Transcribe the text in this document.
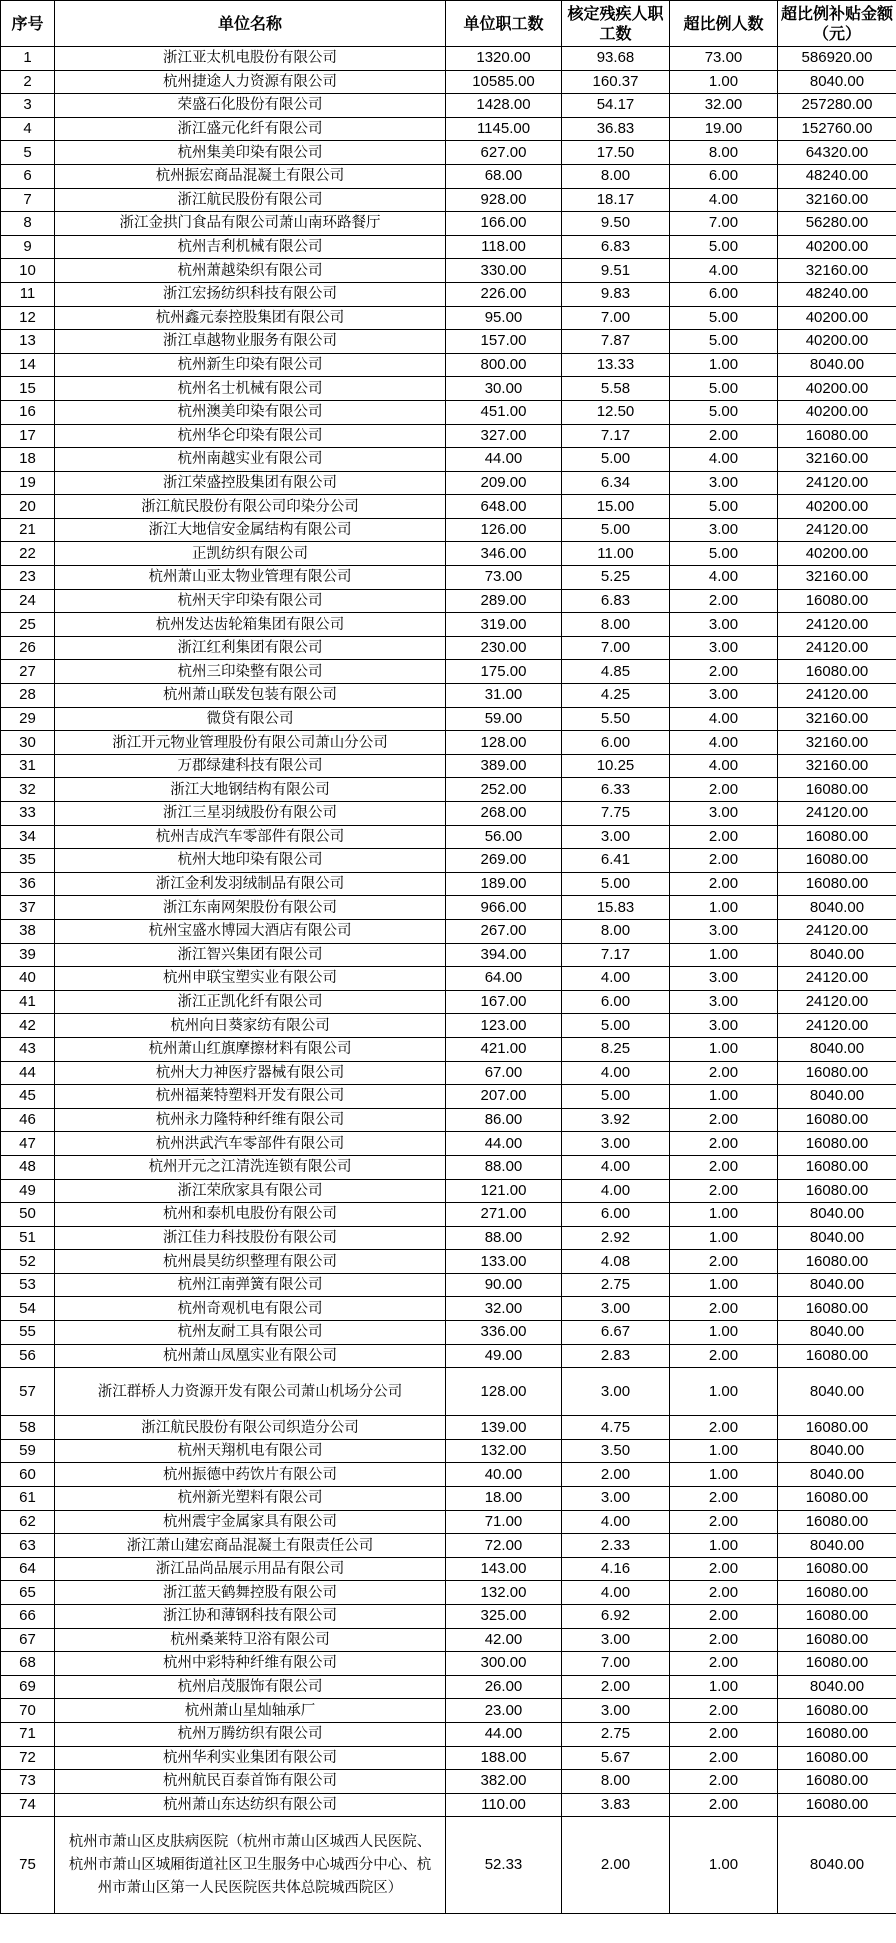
序号	单位名称	单位职工数	核定残疾人职工数	超比例人数	超比例补贴金额（元）
1	浙江亚太机电股份有限公司	1320.00	93.68	73.00	586920.00
2	杭州捷途人力资源有限公司	10585.00	160.37	1.00	8040.00
3	荣盛石化股份有限公司	1428.00	54.17	32.00	257280.00
4	浙江盛元化纤有限公司	1145.00	36.83	19.00	152760.00
5	杭州集美印染有限公司	627.00	17.50	8.00	64320.00
6	杭州振宏商品混凝土有限公司	68.00	8.00	6.00	48240.00
7	浙江航民股份有限公司	928.00	18.17	4.00	32160.00
8	浙江金拱门食品有限公司萧山南环路餐厅	166.00	9.50	7.00	56280.00
9	杭州吉利机械有限公司	118.00	6.83	5.00	40200.00
10	杭州萧越染织有限公司	330.00	9.51	4.00	32160.00
11	浙江宏扬纺织科技有限公司	226.00	9.83	6.00	48240.00
12	杭州鑫元泰控股集团有限公司	95.00	7.00	5.00	40200.00
13	浙江卓越物业服务有限公司	157.00	7.87	5.00	40200.00
14	杭州新生印染有限公司	800.00	13.33	1.00	8040.00
15	杭州名士机械有限公司	30.00	5.58	5.00	40200.00
16	杭州澳美印染有限公司	451.00	12.50	5.00	40200.00
17	杭州华仑印染有限公司	327.00	7.17	2.00	16080.00
18	杭州南越实业有限公司	44.00	5.00	4.00	32160.00
19	浙江荣盛控股集团有限公司	209.00	6.34	3.00	24120.00
20	浙江航民股份有限公司印染分公司	648.00	15.00	5.00	40200.00
21	浙江大地信安金属结构有限公司	126.00	5.00	3.00	24120.00
22	正凯纺织有限公司	346.00	11.00	5.00	40200.00
23	杭州萧山亚太物业管理有限公司	73.00	5.25	4.00	32160.00
24	杭州天宇印染有限公司	289.00	6.83	2.00	16080.00
25	杭州发达齿轮箱集团有限公司	319.00	8.00	3.00	24120.00
26	浙江红利集团有限公司	230.00	7.00	3.00	24120.00
27	杭州三印染整有限公司	175.00	4.85	2.00	16080.00
28	杭州萧山联发包装有限公司	31.00	4.25	3.00	24120.00
29	微贷有限公司	59.00	5.50	4.00	32160.00
30	浙江开元物业管理股份有限公司萧山分公司	128.00	6.00	4.00	32160.00
31	万郡绿建科技有限公司	389.00	10.25	4.00	32160.00
32	浙江大地钢结构有限公司	252.00	6.33	2.00	16080.00
33	浙江三星羽绒股份有限公司	268.00	7.75	3.00	24120.00
34	杭州吉成汽车零部件有限公司	56.00	3.00	2.00	16080.00
35	杭州大地印染有限公司	269.00	6.41	2.00	16080.00
36	浙江金利发羽绒制品有限公司	189.00	5.00	2.00	16080.00
37	浙江东南网架股份有限公司	966.00	15.83	1.00	8040.00
38	杭州宝盛水博园大酒店有限公司	267.00	8.00	3.00	24120.00
39	浙江智兴集团有限公司	394.00	7.17	1.00	8040.00
40	杭州申联宝塑实业有限公司	64.00	4.00	3.00	24120.00
41	浙江正凯化纤有限公司	167.00	6.00	3.00	24120.00
42	杭州向日葵家纺有限公司	123.00	5.00	3.00	24120.00
43	杭州萧山红旗摩擦材料有限公司	421.00	8.25	1.00	8040.00
44	杭州大力神医疗器械有限公司	67.00	4.00	2.00	16080.00
45	杭州福莱特塑料开发有限公司	207.00	5.00	1.00	8040.00
46	杭州永力隆特种纤维有限公司	86.00	3.92	2.00	16080.00
47	杭州洪武汽车零部件有限公司	44.00	3.00	2.00	16080.00
48	杭州开元之江清洗连锁有限公司	88.00	4.00	2.00	16080.00
49	浙江荣欣家具有限公司	121.00	4.00	2.00	16080.00
50	杭州和泰机电股份有限公司	271.00	6.00	1.00	8040.00
51	浙江佳力科技股份有限公司	88.00	2.92	1.00	8040.00
52	杭州晨昊纺织整理有限公司	133.00	4.08	2.00	16080.00
53	杭州江南弹簧有限公司	90.00	2.75	1.00	8040.00
54	杭州奇观机电有限公司	32.00	3.00	2.00	16080.00
55	杭州友耐工具有限公司	336.00	6.67	1.00	8040.00
56	杭州萧山凤凰实业有限公司	49.00	2.83	2.00	16080.00
57	浙江群桥人力资源开发有限公司萧山机场分公司	128.00	3.00	1.00	8040.00
58	浙江航民股份有限公司织造分公司	139.00	4.75	2.00	16080.00
59	杭州天翔机电有限公司	132.00	3.50	1.00	8040.00
60	杭州振德中药饮片有限公司	40.00	2.00	1.00	8040.00
61	杭州新光塑料有限公司	18.00	3.00	2.00	16080.00
62	杭州震宇金属家具有限公司	71.00	4.00	2.00	16080.00
63	浙江萧山建宏商品混凝土有限责任公司	72.00	2.33	1.00	8040.00
64	浙江品尚品展示用品有限公司	143.00	4.16	2.00	16080.00
65	浙江蓝天鹤舞控股有限公司	132.00	4.00	2.00	16080.00
66	浙江协和薄钢科技有限公司	325.00	6.92	2.00	16080.00
67	杭州桑莱特卫浴有限公司	42.00	3.00	2.00	16080.00
68	杭州中彩特种纤维有限公司	300.00	7.00	2.00	16080.00
69	杭州启茂服饰有限公司	26.00	2.00	1.00	8040.00
70	杭州萧山星灿轴承厂	23.00	3.00	2.00	16080.00
71	杭州万腾纺织有限公司	44.00	2.75	2.00	16080.00
72	杭州华利实业集团有限公司	188.00	5.67	2.00	16080.00
73	杭州航民百泰首饰有限公司	382.00	8.00	2.00	16080.00
74	杭州萧山东达纺织有限公司	110.00	3.83	2.00	16080.00
75	杭州市萧山区皮肤病医院（杭州市萧山区城西人民医院、杭州市萧山区城厢街道社区卫生服务中心城西分中心、杭州市萧山区第一人民医院医共体总院城西院区）	52.33	2.00	1.00	8040.00
